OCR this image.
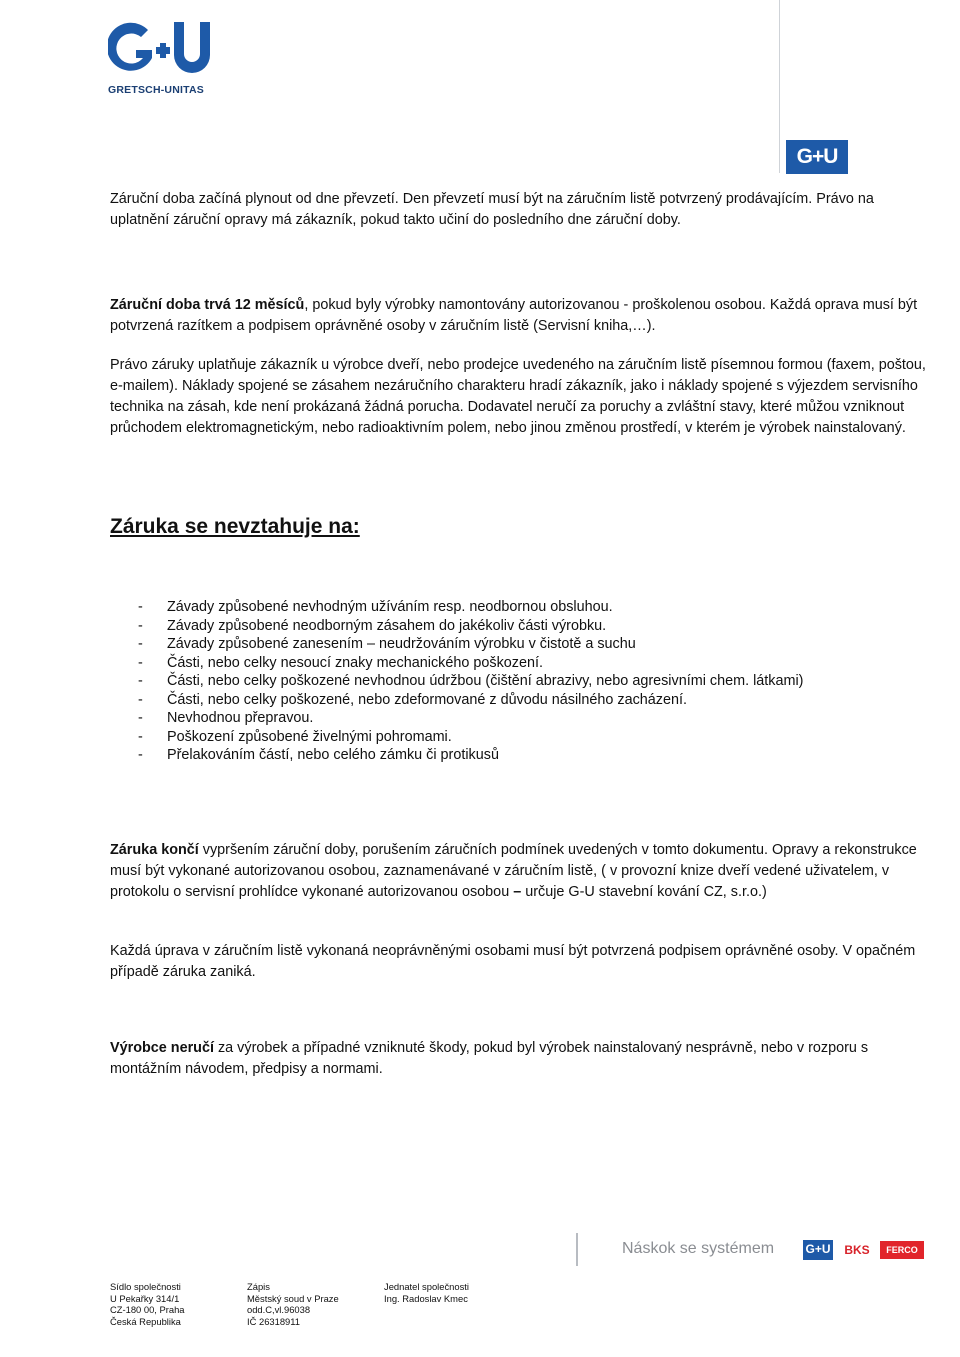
GRETSCH-UNITAS
G+U

Záruční doba začíná plynout od dne převzetí. Den převzetí musí být na záručním listě potvrzený prodávajícím. Právo na uplatnění záruční opravy má zákazník, pokud takto učiní do posledního dne záruční doby.

Záruční doba trvá 12 měsíců, pokud byly výrobky namontovány autorizovanou - proškolenou osobou. Každá oprava musí být potvrzená razítkem a podpisem oprávněné osoby v záručním listě (Servisní kniha,…).

Právo záruky uplatňuje zákazník u výrobce dveří, nebo prodejce uvedeného na záručním listě písemnou formou (faxem, poštou, e-mailem). Náklady spojené se zásahem nezáručního charakteru hradí zákazník, jako i náklady spojené s výjezdem servisního technika na zásah, kde není prokázaná žádná porucha. Dodavatel neručí za poruchy a zvláštní stavy, které můžou vzniknout průchodem elektromagnetickým, nebo radioaktivním polem, nebo jinou změnou prostředí, v kterém je výrobek nainstalovaný.

Záruka se nevztahuje na:
- Závady způsobené nevhodným užíváním resp. neodbornou obsluhou.
- Závady způsobené neodborným zásahem do jakékoliv části výrobku.
- Závady způsobené zanesením – neudržováním výrobku v čistotě a suchu
- Části, nebo celky nesoucí znaky mechanického poškození.
- Části, nebo celky poškozené nevhodnou údržbou (čištění abrazivy, nebo agresivními chem. látkami)
- Části, nebo celky poškozené, nebo zdeformované z důvodu násilného zacházení.
- Nevhodnou přepravou.
- Poškození způsobené živelnými pohromami.
- Přelakováním částí, nebo celého zámku či protikusů

Záruka končí vypršením záruční doby, porušením záručních podmínek uvedených v tomto dokumentu. Opravy a rekonstrukce musí být vykonané autorizovanou osobou, zaznamenávané v záručním listě, ( v provozní knize dveří vedené uživatelem, v protokolu o servisní prohlídce vykonané autorizovanou osobou – určuje G-U stavební kování CZ, s.r.o.)

Každá úprava v záručním listě vykonaná neoprávněnými osobami musí být potvrzená podpisem oprávněné osoby. V opačném případě záruka zaniká.

Výrobce neručí za výrobek a případné vzniknuté škody, pokud byl výrobek nainstalovaný nesprávně, nebo v rozporu s montážním návodem, předpisy a normami.

Náskok se systémem	G+U	BKS	FERCO
Sídlo společnosti
U Pekařky 314/1
CZ-180 00, Praha
Česká Republika
Zápis
Městský soud v Praze
odd.C,vl.96038
IČ 26318911
Jednatel společnosti
Ing. Radoslav Kmec
